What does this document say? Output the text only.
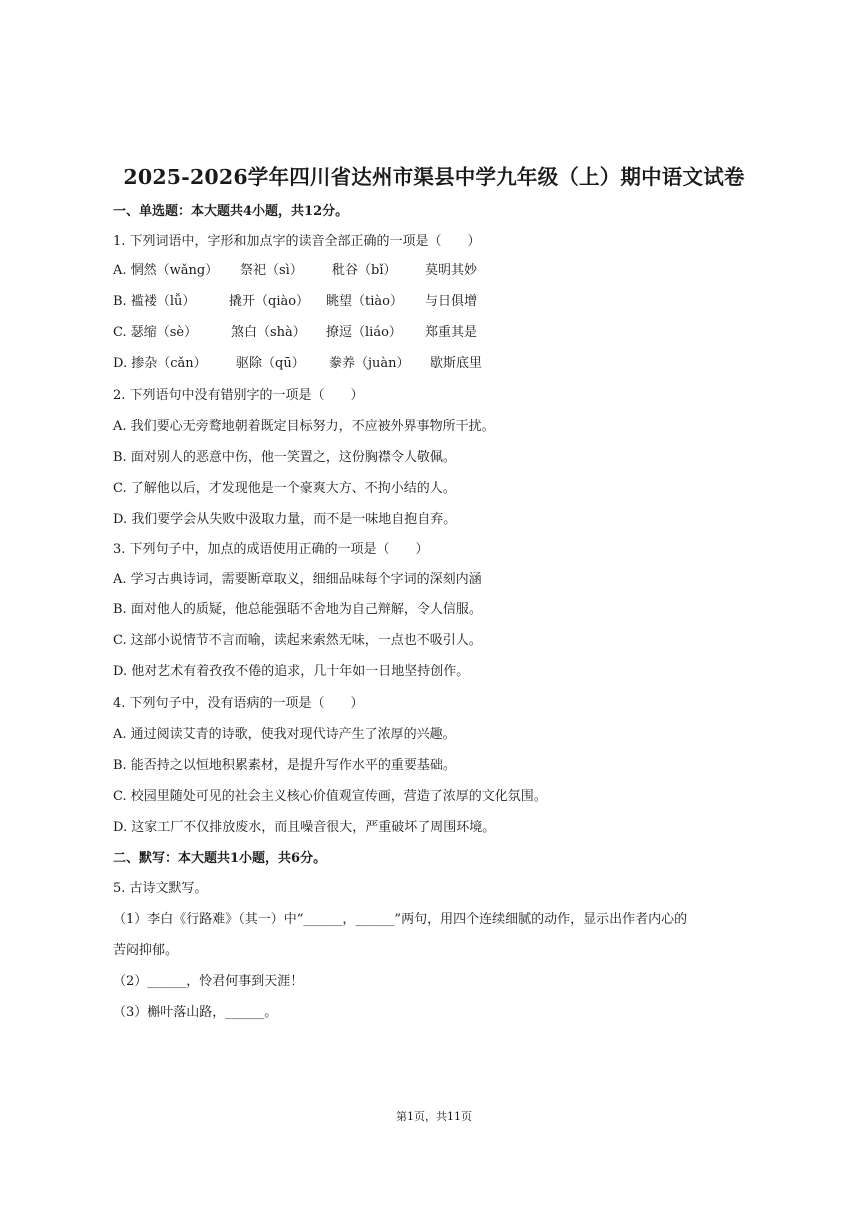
2025-2026学年四川省达州市渠县中学九年级（上）期中语文试卷
一、单选题：本大题共4小题，共12分。
1. 下列词语中，字形和加点字的读音全部正确的一项是（　　）
A. 惘然（wǎng） 祭祀（sì） 秕谷（bǐ） 莫明其妙
B. 褴褛（lǚ）	撬开（qiào） 眺望（tiào） 与日俱增
C. 瑟缩（sè）	煞白（shà） 撩逗（liáo） 郑重其是
D. 掺杂（cǎn） 驱除（qū） 豢养（juàn） 歇斯底里
2. 下列语句中没有错别字的一项是（　　）
A. 我们要心无旁鹜地朝着既定目标努力，不应被外界事物所干扰。
B. 面对别人的恶意中伤，他一笑置之，这份胸襟令人敬佩。
C. 了解他以后，才发现他是一个豪爽大方、不拘小结的人。
D. 我们要学会从失败中汲取力量，而不是一味地自抱自弃。
3. 下列句子中，加点的成语使用正确的一项是（　　）
A. 学习古典诗词，需要断章取义，细细品味每个字词的深刻内涵
B. 面对他人的质疑，他总能强聒不舍地为自己辩解，令人信服。
C. 这部小说情节不言而喻，读起来索然无味，一点也不吸引人。
D. 他对艺术有着孜孜不倦的追求，几十年如一日地坚持创作。
4. 下列句子中，没有语病的一项是（　　）
A. 通过阅读艾青的诗歌，使我对现代诗产生了浓厚的兴趣。
B. 能否持之以恒地积累素材，是提升写作水平的重要基础。
C. 校园里随处可见的社会主义核心价值观宣传画，营造了浓厚的文化氛围。
D. 这家工厂不仅排放废水，而且噪音很大，严重破坏了周围环境。
二、默写：本大题共1小题，共6分。
5. 古诗文默写。
（1）李白《行路难》（其一）中“______，______”两句，用四个连续细腻的动作，显示出作者内心的
苦闷抑郁。
（2）______，怜君何事到天涯！
（3）槲叶落山路，______。
第1页，共11页
